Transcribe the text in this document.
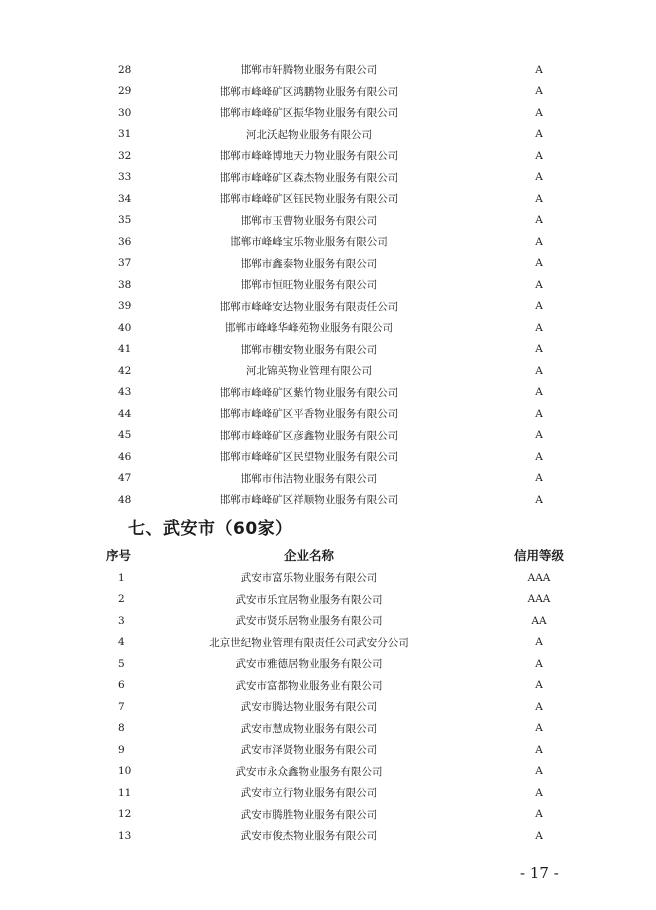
28	邯郸市轩腾物业服务有限公司	A
29	邯郸市峰峰矿区鸿鹏物业服务有限公司	A
30	邯郸市峰峰矿区振华物业服务有限公司	A
31	河北沃起物业服务有限公司	A
32	邯郸市峰峰博地天力物业服务有限公司	A
33	邯郸市峰峰矿区森杰物业服务有限公司	A
34	邯郸市峰峰矿区钰民物业服务有限公司	A
35	邯郸市玉曹物业服务有限公司	A
36	邯郸市峰峰宝乐物业服务有限公司	A
37	邯郸市鑫泰物业服务有限公司	A
38	邯郸市恒旺物业服务有限公司	A
39	邯郸市峰峰安达物业服务有限责任公司	A
40	邯郸市峰峰华峰苑物业服务有限公司	A
41	邯郸市棚安物业服务有限公司	A
42	河北锦英物业管理有限公司	A
43	邯郸市峰峰矿区紫竹物业服务有限公司	A
44	邯郸市峰峰矿区平香物业服务有限公司	A
45	邯郸市峰峰矿区彦鑫物业服务有限公司	A
46	邯郸市峰峰矿区民望物业服务有限公司	A
47	邯郸市伟洁物业服务有限公司	A
48	邯郸市峰峰矿区祥顺物业服务有限公司	A
七、武安市（60家）
序号	企业名称	信用等级
1	武安市富乐物业服务有限公司	AAA
2	武安市乐宜居物业服务有限公司	AAA
3	武安市贤乐居物业服务有限公司	AA
4	北京世纪物业管理有限责任公司武安分公司	A
5	武安市雅德居物业服务有限公司	A
6	武安市富都物业服务业有限公司	A
7	武安市腾达物业服务有限公司	A
8	武安市慧成物业服务有限公司	A
9	武安市泽贤物业服务有限公司	A
10	武安市永众鑫物业服务有限公司	A
11	武安市立行物业服务有限公司	A
12	武安市腾胜物业服务有限公司	A
13	武安市俊杰物业服务有限公司	A
- 17 -
